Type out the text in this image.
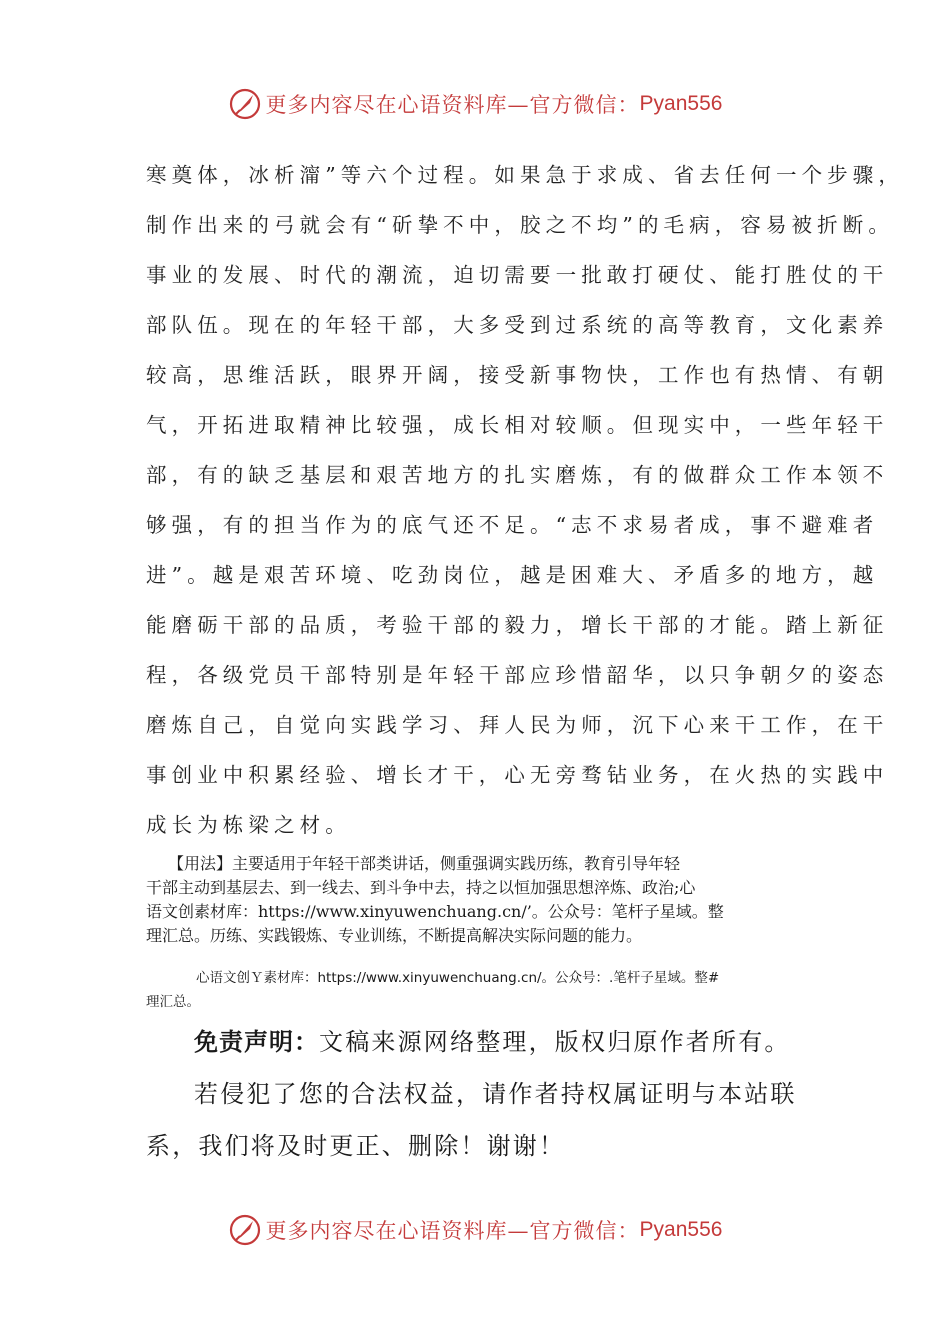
更多内容尽在心语资料库—官方微信： Pyan556
寒奠体，冰析澝”等六个过程。如果急于求成、省去任何一个步骤，
制作出来的弓就会有“斫挚不中，胶之不均”的毛病，容易被折断。
事业的发展、时代的潮流，迫切需要一批敢打硬仗、能打胜仗的干
部队伍。现在的年轻干部，大多受到过系统的高等教育，文化素养
较高，思维活跃，眼界开阔，接受新事物快，工作也有热情、有朝
气，开拓进取精神比较强，成长相对较顺。但现实中，一些年轻干
部，有的缺乏基层和艰苦地方的扎实磨炼，有的做群众工作本领不
够强，有的担当作为的底气还不足。“志不求易者成，事不避难者
进”。越是艰苦环境、吃劲岗位，越是困难大、矛盾多的地方，越
能磨砺干部的品质，考验干部的毅力，增长干部的才能。踏上新征
程，各级党员干部特别是年轻干部应珍惜韶华，以只争朝夕的姿态
磨炼自己，自觉向实践学习、拜人民为师，沉下心来干工作，在干
事创业中积累经验、增长才干，心无旁骛钻业务，在火热的实践中
成长为栋梁之材。
【用法】主要适用于年轻干部类讲话，侧重强调实践历练，教育引导年轻
干部主动到基层去、到一线去、到斗争中去，持之以恒加强思想淬炼、政治;心
语文创素材库：https://www.xinyuwenchuang.cn/’。公众号：笔杆子星域。整
理汇总。历练、实践锻炼、专业训练，不断提高解决实际问题的能力。
心语文创Ｙ素材库：https://www.xinyuwenchuang.cn/。公众号：.笔杆子星域。整#
理汇总。
免责声明：文稿来源网络整理，版权归原作者所有。
若侵犯了您的合法权益，请作者持权属证明与本站联
系，我们将及时更正、删除！谢谢！
更多内容尽在心语资料库—官方微信： Pyan556
